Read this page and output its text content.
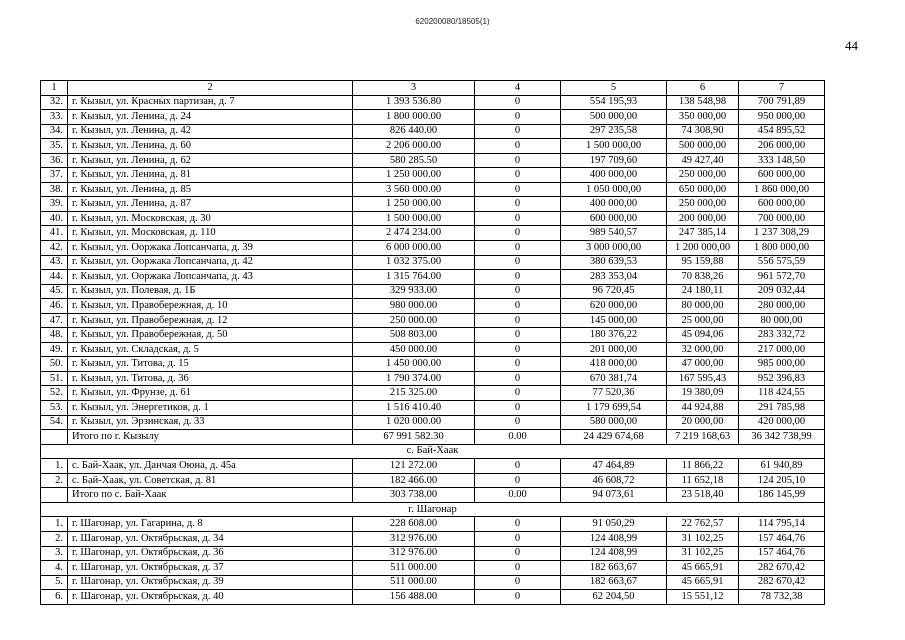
620200080/18505(1)
44
1	2	3	4	5	6	7
32.	г. Кызыл, ул. Красных партизан, д. 7	1 393 536.80	0	554 195,93	138 548,98	700 791,89
33.	г. Кызыл, ул. Ленина, д. 24	1 800 000.00	0	500 000,00	350 000,00	950 000,00
34.	г. Кызыл, ул. Ленина, д. 42	826 440.00	0	297 235,58	74 308,90	454 895,52
35.	г. Кызыл, ул. Ленина, д. 60	2 206 000.00	0	1 500 000,00	500 000,00	206 000,00
36.	г. Кызыл, ул. Ленина, д. 62	580 285.50	0	197 709,60	49 427,40	333 148,50
37.	г. Кызыл, ул. Ленина, д. 81	1 250 000.00	0	400 000,00	250 000,00	600 000,00
38.	г. Кызыл, ул. Ленина, д. 85	3 560 000.00	0	1 050 000,00	650 000,00	1 860 000,00
39.	г. Кызыл, ул. Ленина, д. 87	1 250 000.00	0	400 000,00	250 000,00	600 000,00
40.	г. Кызыл, ул. Московская, д. 30	1 500 000.00	0	600 000,00	200 000,00	700 000,00
41.	г. Кызыл, ул. Московская, д. 110	2 474 234.00	0	989 540,57	247 385,14	1 237 308,29
42.	г. Кызыл, ул. Ооржака Лопсанчапа, д. 39	6 000 000.00	0	3 000 000,00	1 200 000,00	1 800 000,00
43.	г. Кызыл, ул. Ооржака Лопсанчапа, д. 42	1 032 375.00	0	380 639,53	95 159,88	556 575,59
44.	г. Кызыл, ул. Ооржака Лопсанчапа, д. 43	1 315 764.00	0	283 353,04	70 838,26	961 572,70
45.	г. Кызыл, ул. Полевая, д. 1Б	329 933.00	0	96 720,45	24 180,11	209 032,44
46.	г. Кызыл, ул. Правобережная, д. 10	980 000.00	0	620 000,00	80 000,00	280 000,00
47.	г. Кызыл, ул. Правобережная, д. 12	250 000.00	0	145 000,00	25 000,00	80 000,00
48.	г. Кызыл, ул. Правобережная, д. 50	508 803.00	0	180 376,22	45 094,06	283 332,72
49.	г. Кызыл, ул. Складская, д. 5	450 000.00	0	201 000,00	32 000,00	217 000,00
50.	г. Кызыл, ул. Титова, д. 15	1 450 000.00	0	418 000,00	47 000,00	985 000,00
51.	г. Кызыл, ул. Титова, д. 36	1 790 374.00	0	670 381,74	167 595,43	952 396,83
52.	г. Кызыл, ул. Фрунзе, д. 61	215 325.00	0	77 520,36	19 380,09	118 424,55
53.	г. Кызыл, ул. Энергетиков, д. 1	1 516 410.40	0	1 179 699,54	44 924,88	291 785,98
54.	г. Кызыл, ул. Эрзинская, д. 33	1 020 000.00	0	580 000,00	20 000,00	420 000,00
	Итого по г. Кызылу	67 991 582.30	0.00	24 429 674,68	7 219 168,63	36 342 738,99
с. Бай-Хаак						
1.	с. Бай-Хаак, ул. Данчая Оюна, д. 45а	121 272.00	0	47 464,89	11 866,22	61 940,89
2.	с. Бай-Хаак, ул. Советская, д. 81	182 466.00	0	46 608,72	11 652,18	124 205,10
	Итого по с. Бай-Хаак	303 738.00	0.00	94 073,61	23 518,40	186 145,99
г. Шагонар						
1.	г. Шагонар, ул. Гагарина, д. 8	228 608.00	0	91 050,29	22 762,57	114 795,14
2.	г. Шагонар, ул. Октябрьская, д. 34	312 976.00	0	124 408,99	31 102,25	157 464,76
3.	г. Шагонар, ул. Октябрьская, д. 36	312 976.00	0	124 408,99	31 102,25	157 464,76
4.	г. Шагонар, ул. Октябрьская, д. 37	511 000.00	0	182 663,67	45 665,91	282 670,42
5.	г. Шагонар, ул. Октябрьская, д. 39	511 000.00	0	182 663,67	45 665,91	282 670,42
6.	г. Шагонар, ул. Октябрьская, д. 40	156 488.00	0	62 204,50	15 551,12	78 732,38
